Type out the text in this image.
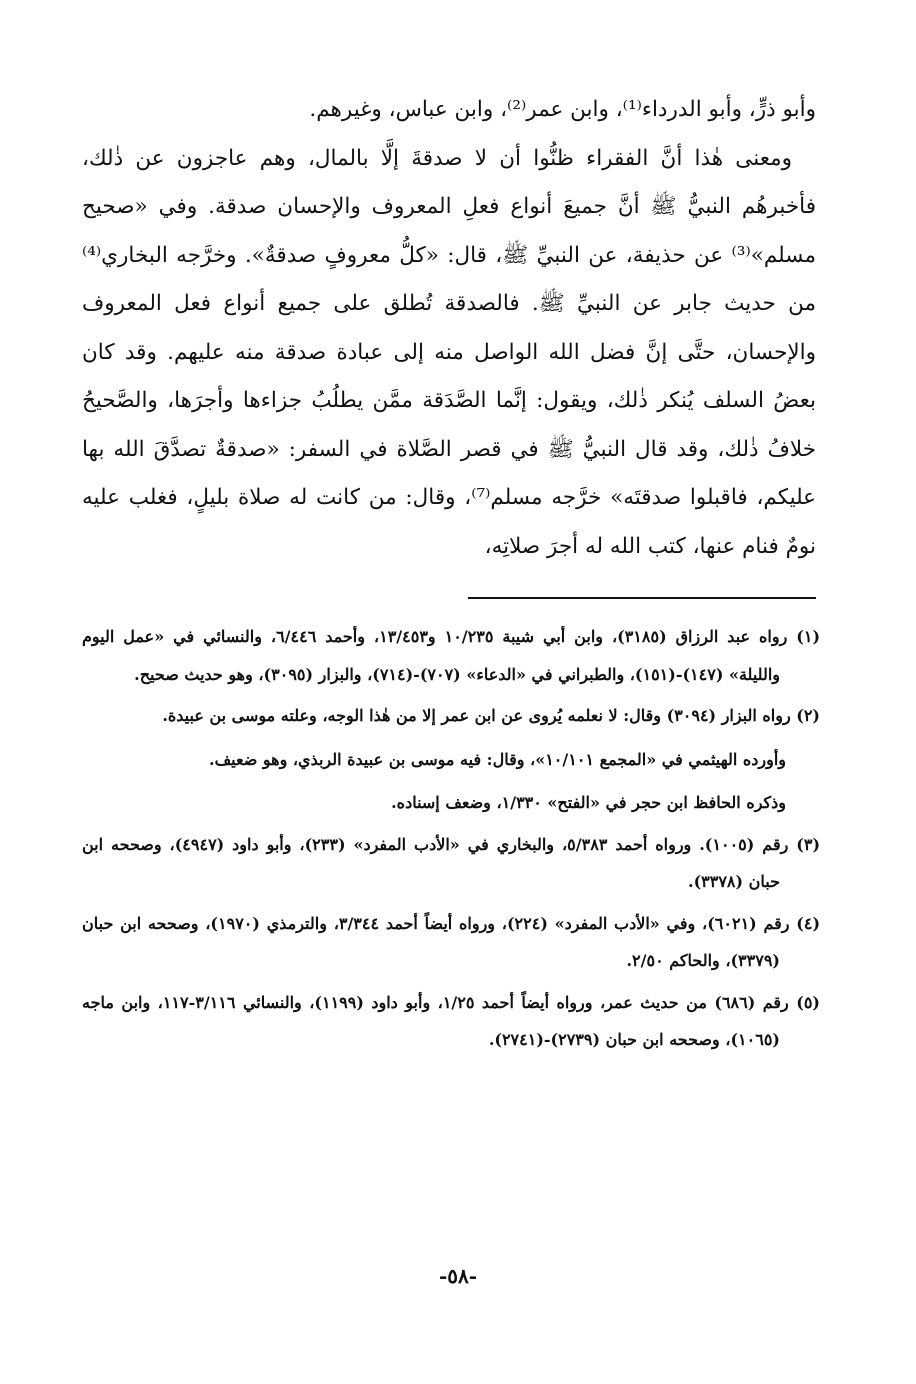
وأبو ذرٍّ، وأبو الدرداء⁽¹⁾، وابن عمر⁽²⁾، وابن عباس، وغيرهم.

ومعنى هٰذا أنَّ الفقراء ظنُّوا أن لا صدقةَ إلَّا بالمال، وهم عاجزون عن ذٰلك، فأخبرهُم النبيُّ ﷺ أنَّ جميعَ أنواع فعلِ المعروف والإحسان صدقة. وفي «صحيح مسلم»⁽³⁾ عن حذيفة، عن النبيِّ ﷺ، قال: «كلُّ معروفٍ صدقةٌ». وخرَّجه البخاري⁽⁴⁾ من حديث جابر عن النبيِّ ﷺ. فالصدقة تُطلق على جميع أنواع فعل المعروف والإحسان، حتَّى إنَّ فضل الله الواصل منه إلى عبادة صدقة منه عليهم. وقد كان بعضُ السلف يُنكر ذٰلك، ويقول: إنَّما الصَّدَقة ممَّن يطلُبُ جزاءها وأجرَها، والصَّحيحُ خلافُ ذٰلك، وقد قال النبيُّ ﷺ في قصر الصَّلاة في السفر: «صدقةٌ تصدَّقَ الله بها عليكم، فاقبلوا صدقتَه» خرَّجه مسلم⁽⁷⁾، وقال: من كانت له صلاة بليلٍ، فغلب عليه نومٌ فنام عنها، كتب الله له أجرَ صلاتِه،

(١) رواه عبد الرزاق (٣١٨٥)، وابن أبي شيبة ١٠/٢٣٥ و١٣/٤٥٣، وأحمد ٦/٤٤٦، والنسائي في «عمل اليوم والليلة» (١٤٧)-(١٥١)، والطبراني في «الدعاء» (٧٠٧)-(٧١٤)، والبزار (٣٠٩٥)، وهو حديث صحيح.

(٢) رواه البزار (٣٠٩٤) وقال: لا نعلمه يُروى عن ابن عمر إلا من هٰذا الوجه، وعلته موسى بن عبيدة.

وأورده الهيثمي في «المجمع ١٠/١٠١»، وقال: فيه موسى بن عبيدة الربذي، وهو ضعيف.

وذكره الحافظ ابن حجر في «الفتح» ١/٣٣٠، وضعف إسناده.

(٣) رقم (١٠٠٥). ورواه أحمد ٥/٣٨٣، والبخاري في «الأدب المفرد» (٢٣٣)، وأبو داود (٤٩٤٧)، وصححه ابن حبان (٣٣٧٨).

(٤) رقم (٦٠٢١)، وفي «الأدب المفرد» (٢٢٤)، ورواه أيضاً أحمد ٣/٣٤٤، والترمذي (١٩٧٠)، وصححه ابن حبان (٣٣٧٩)، والحاكم ٢/٥٠.

(٥) رقم (٦٨٦) من حديث عمر، ورواه أيضاً أحمد ١/٢٥، وأبو داود (١١٩٩)، والنسائي ٣/١١٦-١١٧، وابن ماجه (١٠٦٥)، وصححه ابن حبان (٢٧٣٩)-(٢٧٤١).

-٥٨-
